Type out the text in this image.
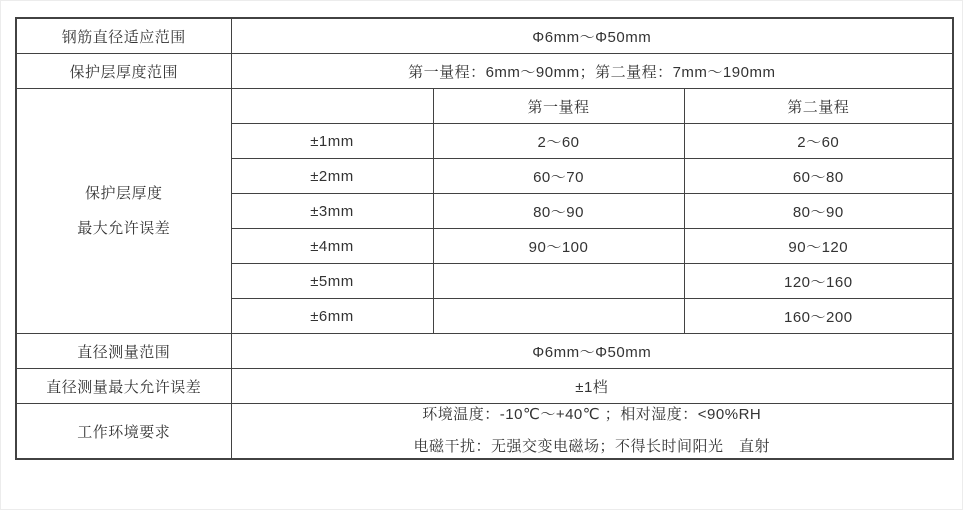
钢筋直径适应范围	Φ6mm～Φ50mm		
保护层厚度范围	第一量程：6mm～90mm；第二量程：7mm～190mm		

保护层厚度
最大允许误差		第一量程	第二量程
	±1mm	2～60	2～60
	±2mm	60～70	60～80
	±3mm	80～90	80～90
	±4mm	90～100	90～120
	±5mm		120～160
	±6mm		160～200
直径测量范围	Φ6mm～Φ50mm		
直径测量最大允许误差	±1档		
工作环境要求	环境温度：-10℃～+40℃ ；相对湿度：<90%RH
电磁干扰：无强交变电磁场；不得长时间阳光　直射		
